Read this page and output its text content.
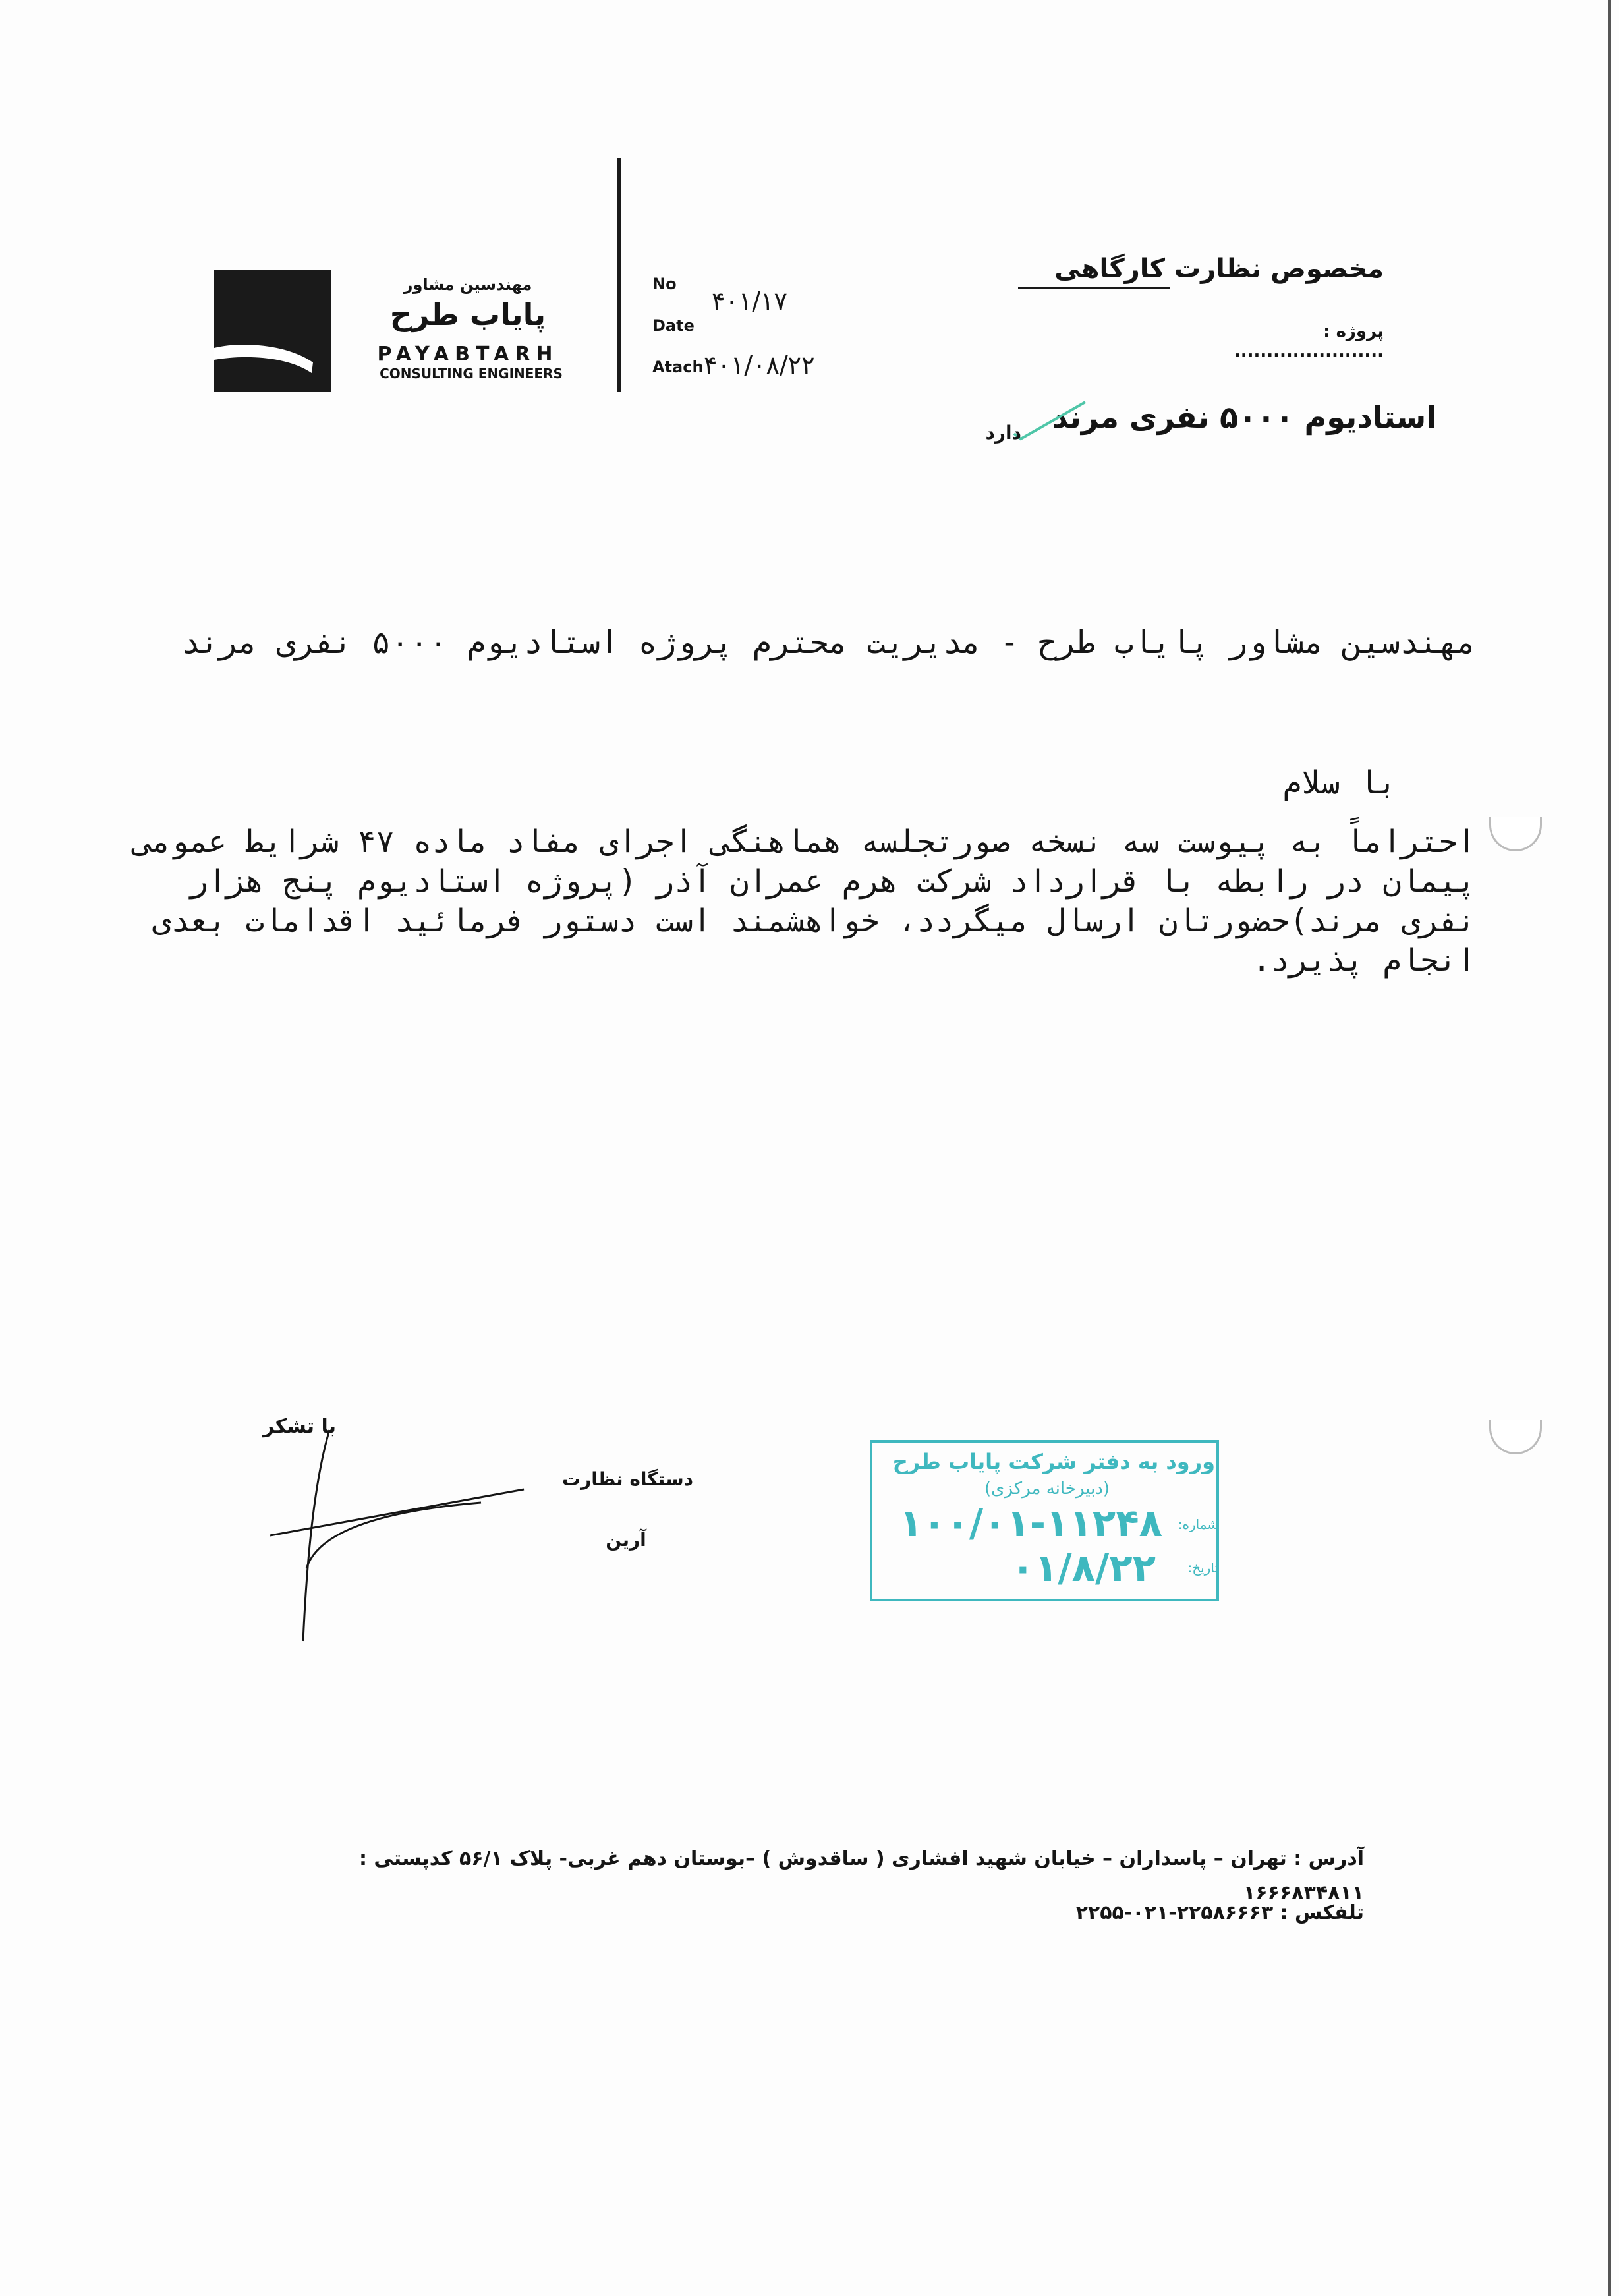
مهندسین مشاور
پاياب طرح
PAYABTARH
CONSULTING ENGINEERS
No
۴۰۱/۱۷
Date
Atach ۴۰۱/۰۸/۲۲
مخصوص نظارت کارگاهی
پروژه : .......................
استادیوم ۵۰۰۰ نفری مرند
دارد
مهندسین مشاور پاياب طرح - مديريت محترم پروژه استاديوم ۵۰۰۰ نفری مرند
با سلام
احتراماً به پيوست سه نسخه صورتجلسه هماهنگی اجرای مفاد ماده ۴۷ شرايط عمومی پيمان در رابطه با قرارداد شرکت هرم عمران آذر (پروژه استاديوم پنج هزار نفری مرند)حضورتان ارسال ميگردد، خواهشمند است دستور فرمائيد اقدامات بعدی انجام پذيرد.
با تشکر
دستگاه نظارت
آرين
ورود به دفتر شرکت پاياب طرح
(دبيرخانه مرکزی)
شماره:
۱۰۰/۰۱-۱۱۲۴۸
تاريخ:
۰۱/۸/۲۲
آدرس : تهران – پاسداران – خيابان شهيد افشاری ( ساقدوش ) –بوستان دهم غربی- پلاک ۵۶/۱ کدپستی : ۱۶۶۶۸۳۴۸۱۱
تلفکس : ۲۲۵۸۶۶۶۳-۰۲۱-۲۲۵۵
